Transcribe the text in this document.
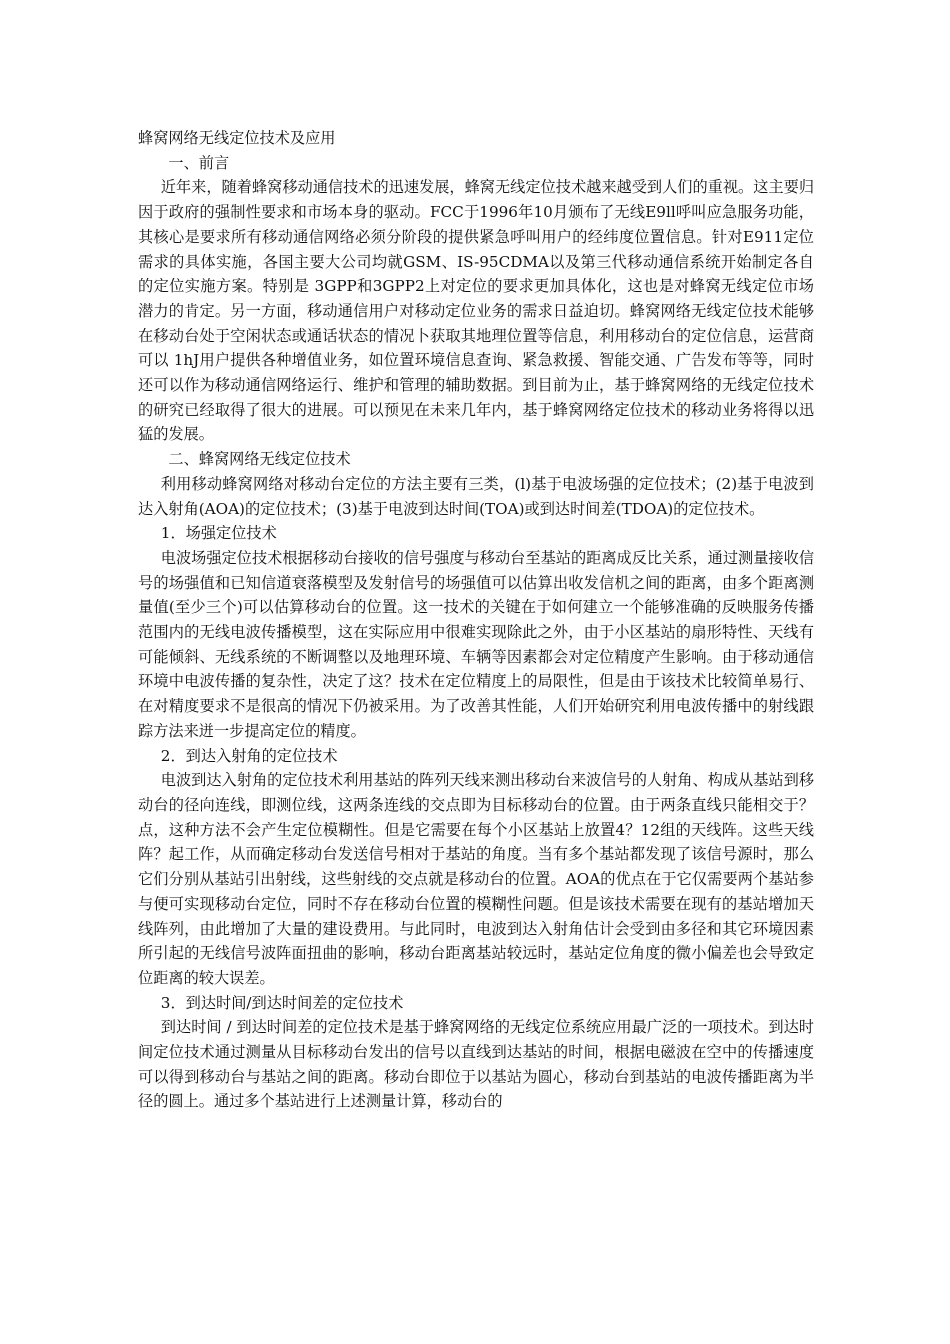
蜂窝网络无线定位技术及应用

一、前言

近年来，随着蜂窝移动通信技术的迅速发展，蜂窝无线定位技术越来越受到人们的重视。这主要归因于政府的强制性要求和市场本身的驱动。FCC于1996年10月颁布了无线E9ll呼叫应急服务功能，其核心是要求所有移动通信网络必须分阶段的提供紧急呼叫用户的经纬度位置信息。针对E911定位需求的具体实施，各国主要大公司均就GSM、IS-95CDMA以及第三代移动通信系统开始制定各自的定位实施方案。特别是 3GPP和3GPP2上对定位的要求更加具体化，这也是对蜂窝无线定位市场潜力的肯定。另一方面，移动通信用户对移动定位业务的需求日益迫切。蜂窝网络无线定位技术能够在移动台处于空闲状态或通话状态的情况卜获取其地理位置等信息，利用移动台的定位信息，运营商可以 1hJ用户提供各种增值业务，如位置环境信息查询、紧急救援、智能交通、广告发布等等，同时还可以作为移动通信网络运行、维护和管理的辅助数据。到目前为止，基于蜂窝网络的无线定位技术的研究已经取得了很大的进展。可以预见在未来几年内，基于蜂窝网络定位技术的移动业务将得以迅猛的发展。

二、蜂窝网络无线定位技术

利用移动蜂窝网络对移动台定位的方法主要有三类，(l)基于电波场强的定位技术；(2)基于电波到达入射角(AOA)的定位技术；(3)基于电波到达时间(TOA)或到达时间差(TDOA)的定位技术。

1．场强定位技术

电波场强定位技术根据移动台接收的信号强度与移动台至基站的距离成反比关系，通过测量接收信号的场强值和已知信道衰落模型及发射信号的场强值可以估算出收发信机之间的距离，由多个距离测量值(至少三个)可以估算移动台的位置。这一技术的关键在于如何建立一个能够准确的反映服务传播范围内的无线电波传播模型，这在实际应用中很难实现除此之外，由于小区基站的扇形特性、天线有可能倾斜、无线系统的不断调整以及地理环境、车辆等因素都会对定位精度产生影响。由于移动通信环境中电波传播的复杂性，决定了这？技术在定位精度上的局限性，但是由于该技术比较简单易行、在对精度要求不是很高的情况下仍被采用。为了改善其性能，人们开始研究利用电波传播中的射线跟踪方法来迸一步提高定位的精度。

2．到达入射角的定位技术

电波到达入射角的定位技术利用基站的阵列天线来测出移动台来波信号的人射角、构成从基站到移动台的径向连线，即测位线，这两条连线的交点即为目标移动台的位置。由于两条直线只能相交于？点，这种方法不会产生定位模糊性。但是它需要在每个小区基站上放置4？12组的天线阵。这些天线阵？起工作，从而确定移动台发送信号相对于基站的角度。当有多个基站都发现了该信号源时，那么它们分别从基站引出射线，这些射线的交点就是移动台的位置。AOA的优点在于它仅需要两个基站参与便可实现移动台定位，同时不存在移动台位置的模糊性问题。但是该技术需要在现有的基站增加天线阵列，由此增加了大量的建设费用。与此同时，电波到达入射角估计会受到由多径和其它环境因素所引起的无线信号波阵面扭曲的影响，移动台距离基站较远时，基站定位角度的微小偏差也会导致定位距离的较大误差。

3．到达时间/到达时间差的定位技术

到达时间 / 到达时间差的定位技术是基于蜂窝网络的无线定位系统应用最广泛的一项技术。到达时间定位技术通过测量从目标移动台发出的信号以直线到达基站的时间，根据电磁波在空中的传播速度可以得到移动台与基站之间的距离。移动台即位于以基站为圆心，移动台到基站的电波传播距离为半径的圆上。通过多个基站进行上述测量计算，移动台的
